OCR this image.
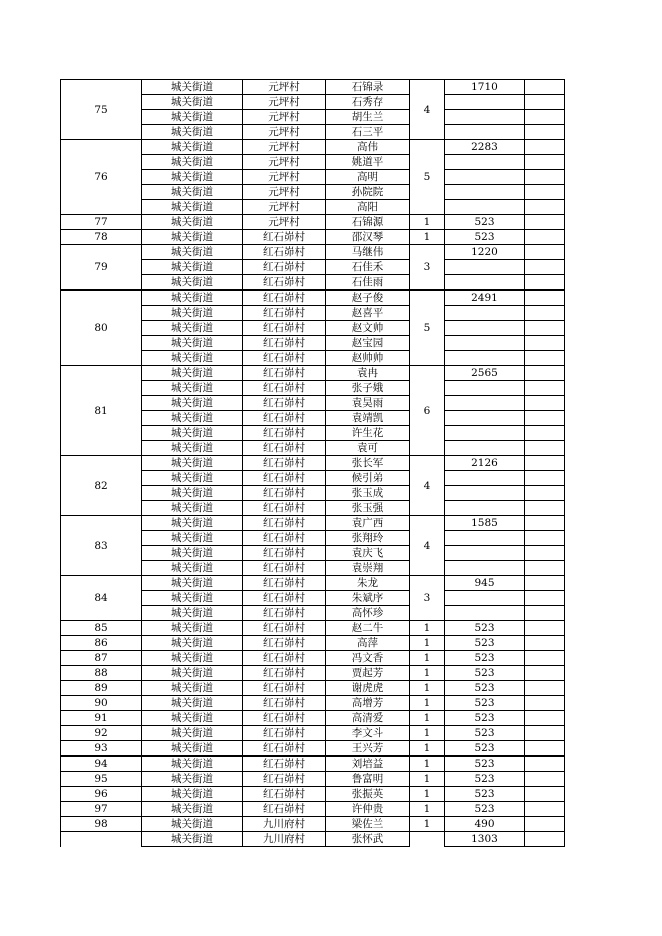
75	城关街道	元坪村	石锦录	4	1710	
	城关街道	元坪村	石秀存			
	城关街道	元坪村	胡生兰			
	城关街道	元坪村	石三平			
76	城关街道	元坪村	高伟	5	2283	
	城关街道	元坪村	姚道平			
	城关街道	元坪村	高明			
	城关街道	元坪村	孙院院			
	城关街道	元坪村	高阳			
77	城关街道	元坪村	石锦源	1	523	
78	城关街道	红石峁村	邵汉琴	1	523	
79	城关街道	红石峁村	马继伟	3	1220	
	城关街道	红石峁村	石佳禾			
	城关街道	红石峁村	石佳雨			
80	城关街道	红石峁村	赵子俊	5	2491	
	城关街道	红石峁村	赵喜平			
	城关街道	红石峁村	赵文帅			
	城关街道	红石峁村	赵宝园			
	城关街道	红石峁村	赵帅帅			
81	城关街道	红石峁村	袁冉	6	2565	
	城关街道	红石峁村	张子娥			
	城关街道	红石峁村	袁昊雨			
	城关街道	红石峁村	袁靖凯			
	城关街道	红石峁村	许生花			
	城关街道	红石峁村	袁可			
82	城关街道	红石峁村	张长军	4	2126	
	城关街道	红石峁村	候引弟			
	城关街道	红石峁村	张玉成			
	城关街道	红石峁村	张玉强			
83	城关街道	红石峁村	袁广西	4	1585	
	城关街道	红石峁村	张翔玲			
	城关街道	红石峁村	袁庆飞			
	城关街道	红石峁村	袁崇翔			
84	城关街道	红石峁村	朱龙	3	945	
	城关街道	红石峁村	朱斌序			
	城关街道	红石峁村	高怀珍			
85	城关街道	红石峁村	赵二牛	1	523	
86	城关街道	红石峁村	高萍	1	523	
87	城关街道	红石峁村	冯文香	1	523	
88	城关街道	红石峁村	贾起芳	1	523	
89	城关街道	红石峁村	谢虎虎	1	523	
90	城关街道	红石峁村	高增芳	1	523	
91	城关街道	红石峁村	高清爱	1	523	
92	城关街道	红石峁村	李文斗	1	523	
93	城关街道	红石峁村	王兴芳	1	523	
94	城关街道	红石峁村	刘培益	1	523	
95	城关街道	红石峁村	鲁富明	1	523	
96	城关街道	红石峁村	张振英	1	523	
97	城关街道	红石峁村	许仲贵	1	523	
98	城关街道	九川府村	梁佐兰	1	490	
	城关街道	九川府村	张怀武		1303	
